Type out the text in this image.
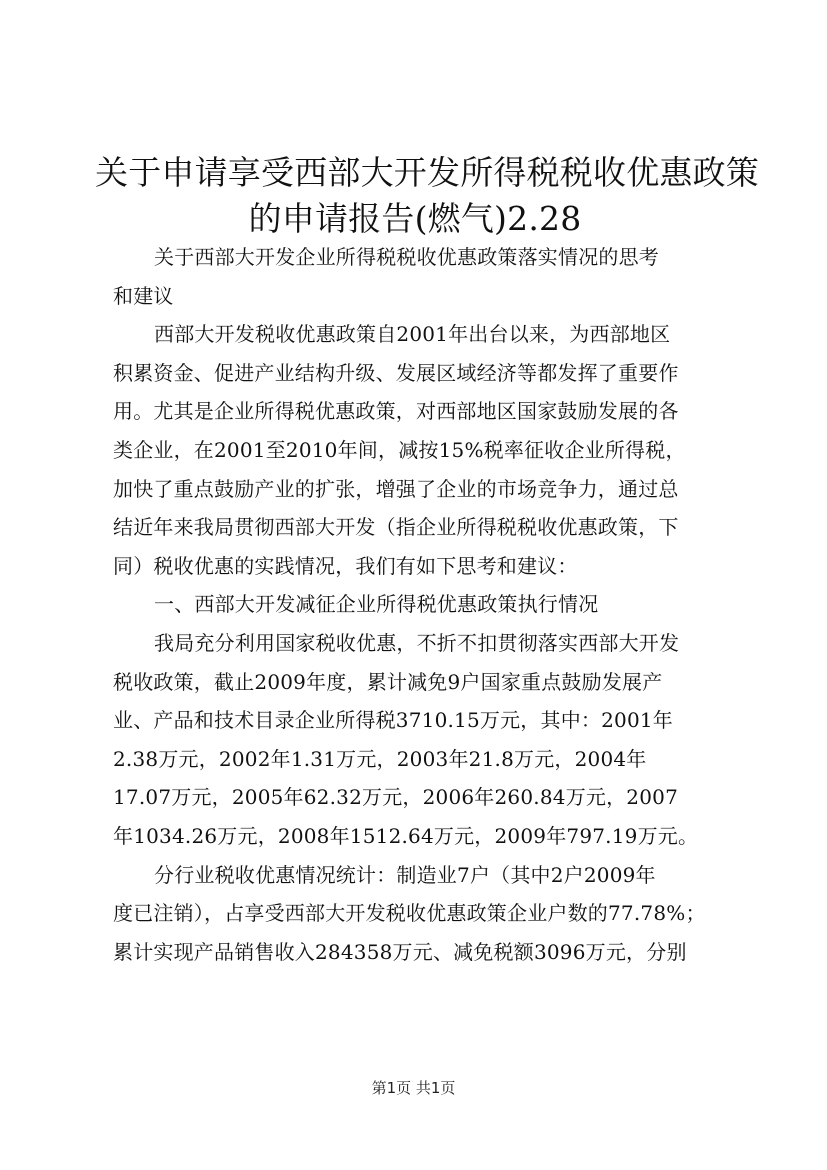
关于申请享受西部大开发所得税税收优惠政策
的申请报告(燃气)2.28
关于西部大开发企业所得税税收优惠政策落实情况的思考
和建议
西部大开发税收优惠政策自2001年出台以来，为西部地区
积累资金、促进产业结构升级、发展区域经济等都发挥了重要作
用。尤其是企业所得税优惠政策，对西部地区国家鼓励发展的各
类企业，在2001至2010年间，减按15%税率征收企业所得税，
加快了重点鼓励产业的扩张，增强了企业的市场竞争力，通过总
结近年来我局贯彻西部大开发（指企业所得税税收优惠政策，下
同）税收优惠的实践情况，我们有如下思考和建议：
一、西部大开发减征企业所得税优惠政策执行情况
我局充分利用国家税收优惠，不折不扣贯彻落实西部大开发
税收政策，截止2009年度，累计减免9户国家重点鼓励发展产
业、产品和技术目录企业所得税3710.15万元，其中：2001年
2.38万元，2002年1.31万元，2003年21.8万元，2004年
17.07万元，2005年62.32万元，2006年260.84万元，2007
年1034.26万元，2008年1512.64万元，2009年797.19万元。
分行业税收优惠情况统计：制造业7户（其中2户2009年
度已注销），占享受西部大开发税收优惠政策企业户数的77.78%；
累计实现产品销售收入284358万元、减免税额3096万元，分别
第1页 共1页
